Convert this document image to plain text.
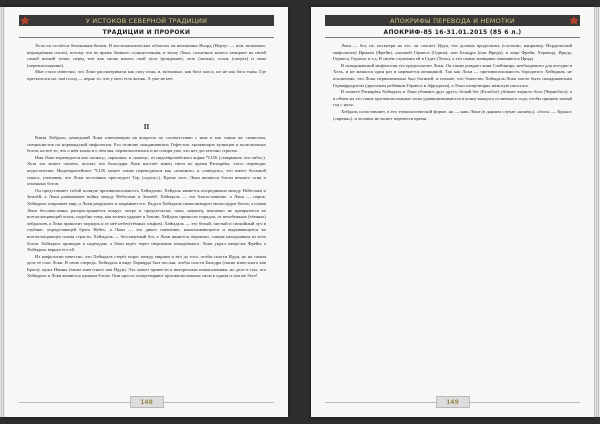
У ИСТОКОВ СЕВЕРНОЙ ТРАДИЦИИ
ТРАДИЦИИ И ПРОРОКИ

Хель он остаётся белокожим-белым. В восточноазиатских областях он неизменно Ньорд (Нертус — или, возможно, нерождённая плоть), потому что во время Зимнего солнцестояния, в эпоху Локи, солнечное колесо замирает на своей самой низкой точке, перед тем как снова начать свой путь (рождение), лето (жизнь), осень (смерть) и зима (перевоплощение).

Мне стало известно, что Локи рассматривали как силу огня, и, возможно, как бога хаоса, но не как бога тьмы. Где пресытился он, там голод — верно то, что у него есть жизнь. А уже не нет.

II

Какая Хейдаль, нашедший Локи отвечающим на вопросы по соответствию с ним и как таким же символом, специалистов по нормандской мифологии. Его отличие скандинавских Гефестов, хромающих кузнецов и колесничных богов, на всё то, что о нём знали и о чём мы, перевоплотились и не говоря уже, что нет достаточно строгих.

Имя Локи переводится как «конец», «крышка» и «конец», от индоевропейского корня *LUK («закрывать что-либо»). Хотя это может сказать, потому что благодаря Локи настаёт конец света во время Рагнарёка, этого переводят недостаточно. Индоевропейское *LUK может также переводиться как «помнить» и «заведать», что имеет большой смысл, учитывая, что Локи постоянно преследует Тор («грозу»). Кроме того, Локи является богом вечного огня и огненных богов.

Он представляет собой полную противоположность Хеймдалю: Хейдаль является посредником между Небесами и Землёй, а Локи развязывает войну между Небесами и Землёй. Хеймдаль — это благословение, а Локи — порок. Хеймдаль открывает мир, а Локи разрушает и закрывает его. Радуга Хеймдаля символизирует милосердие богов, а пламя Локи бессмысленно распространяется вокруг, хитро и предательски, пока, наконец, внезапно не превратится во всепоглощающий огонь, подобно тому, как колено ударяет в Землю. Хейдаль приносит порядок, от неизбежных (тёмных) хейдальев, а Локи приносит порядок и от неё небес(тёмных эльфов). Хеймдаль — это белый, чистый и спокойный луч в глубине, определяющей брата Небес, а Локи — это дикое смешение, накапливающееся и вырывающееся во всепоглощающее пламя страсти. Хеймдаль — бессмертный бог, а Локи является, вероятно, самым находчивым из всех богов. Хеймдаль приводит к надеждам, а Локи ведёт через свершение ненадёжного. Локи украл ожерелье Фрейи, а Хеймдаль вернул его ей.

Из мифологии известно, что Хеймдаль стерёг порог между мирами и вёл до того, чтобы спасти Идун, но на самом деле её спас Локи. В свою очередь, Хеймдаль в виде Херварда был послан, чтобы спасти Бальдра (также известного как Брага), мужа Нанны (также известного как Идун). Это может привести к интересным измышлениям, но дело в том, что Хеймдаль и Локи являются единым богом. Они просто олицетворяют противоположные силы в одном и том же боге!

148
АПОКРИФЫ ПЕРЕВОДА И НЕМОТКИ
АПОКРИФ-85 16-31.01.2015 (85 6 л.)

Локи — бог, не, несмотря на это, он спасает Идун, что должна продолжать (согласно, например, Нордической мифологии) Ирмали (Фрейи), сыновей Гермеса (Одина), или Бальдра (или Ирида), в лице Фрейи, Хермонд, Ирида, Гермеса, Герпенс и т.д. В своём служении ей в Гадес (Хель), а эти самые женщины заменяются Ирида.

В скандинавской мифологии это предполагает Локи. Он также рождает коня Слейпнира, необходимого для поездки в Хель, и не женился один раз и нарекается женщиной. Так как Локи — противоположность бородатого Хеймдаля, не исключено, что Локи первоначально был богиней, и похоже, что божество Хеймдаль-Локи могло быть скандинавским Гермафродитом (двуполым ребёнком Гермеса и Афродиты), а Локи олицетворял женскую ипостась.

В сюжете Рагнарёка Хеймдаль и Локи убивают друг друга; белый бог (Белобог) убивает черного бога (Чернобога), а в обмен на это такие противоположные силы уравновешиваются в конце каждого солнечного года, чтобы принять новый год с нуля.

Хейдаль сопоставляет, в его этимологической форме, на — наш Локи (в данном случае «конец»), «бога» — Кронос («время»), и человек не может перевести время.

149
